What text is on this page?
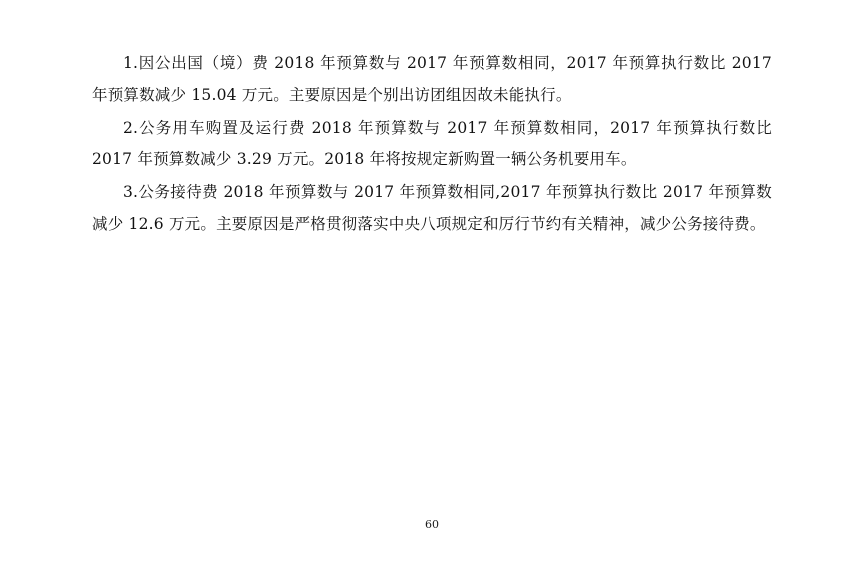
1.因公出国（境）费 2018 年预算数与 2017 年预算数相同，2017 年预算执行数比 2017 年预算数减少 15.04 万元。主要原因是个别出访团组因故未能执行。

2.公务用车购置及运行费 2018 年预算数与 2017 年预算数相同，2017 年预算执行数比 2017 年预算数减少 3.29 万元。2018 年将按规定新购置一辆公务机要用车。

3.公务接待费 2018 年预算数与 2017 年预算数相同,2017 年预算执行数比 2017 年预算数减少 12.6 万元。主要原因是严格贯彻落实中央八项规定和厉行节约有关精神，减少公务接待费。

60
